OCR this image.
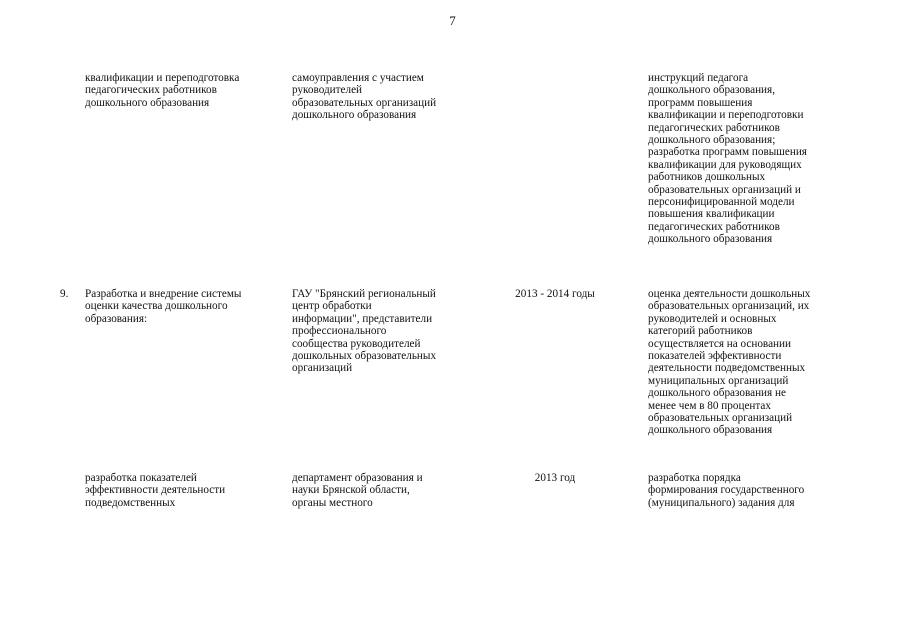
7
квалификации и переподготовка
педагогических работников
дошкольного образования
самоуправления с участием
руководителей
образовательных организаций
дошкольного образования
инструкций педагога
дошкольного образования,
программ повышения
квалификации и переподготовки
педагогических работников
дошкольного образования;
разработка программ повышения
квалификации для руководящих
работников дошкольных
образовательных организаций и
персонифицированной модели
повышения квалификации
педагогических работников
дошкольного образования
9. Разработка и внедрение системы
оценки качества дошкольного
образования:
ГАУ "Брянский региональный
центр обработки
информации", представители
профессионального
сообщества руководителей
дошкольных образовательных
организаций
2013 - 2014 годы	оценка деятельности дошкольных
образовательных организаций, их
руководителей и основных
категорий работников
осуществляется на основании
показателей эффективности
деятельности подведомственных
муниципальных организаций
дошкольного образования не
менее чем в 80 процентах
образовательных организаций
дошкольного образования
разработка показателей
эффективности деятельности
подведомственных
департамент образования и
науки Брянской области,
органы местного
2013 год	разработка порядка
формирования государственного
(муниципального) задания для
